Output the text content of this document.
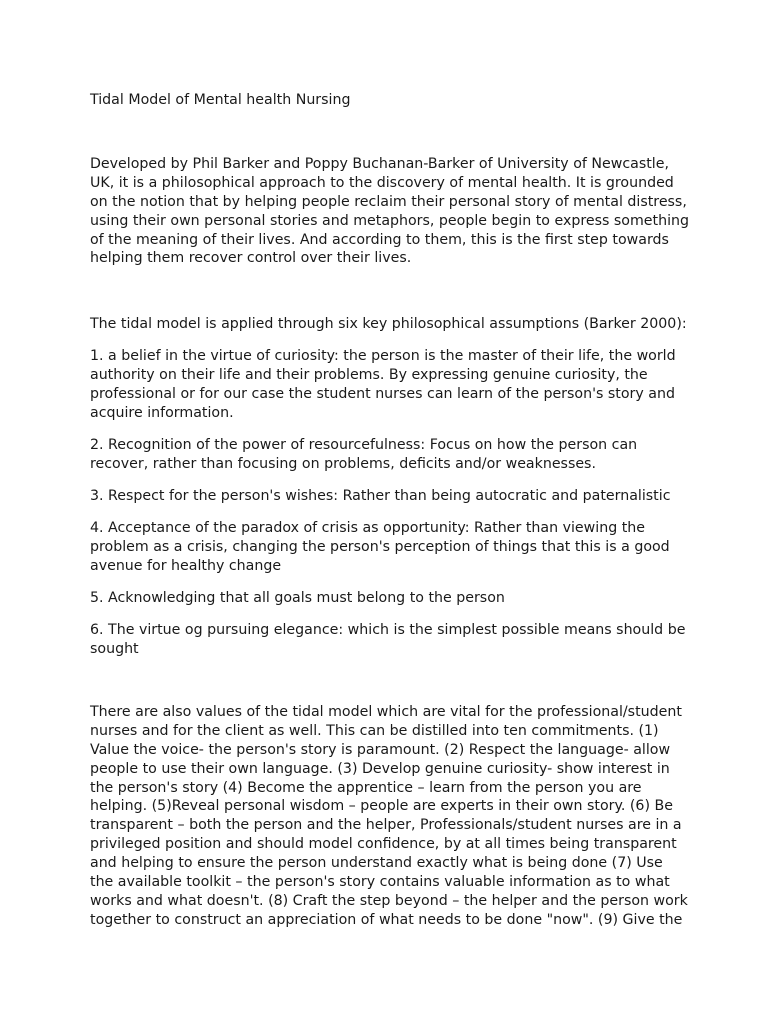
Tidal Model of Mental health Nursing
Developed by Phil Barker and Poppy Buchanan-Barker of University of Newcastle,
UK, it is a philosophical approach to the discovery of mental health. It is grounded
on the notion that by helping people reclaim their personal story of mental distress,
using their own personal stories and metaphors, people begin to express something
of the meaning of their lives. And according to them, this is the first step towards
helping them recover control over their lives.
The tidal model is applied through six key philosophical assumptions (Barker 2000):
1. a belief in the virtue of curiosity: the person is the master of their life, the world
authority on their life and their problems. By expressing genuine curiosity, the
professional or for our case the student nurses can learn of the person's story and
acquire information.
2. Recognition of the power of resourcefulness: Focus on how the person can
recover, rather than focusing on problems, deficits and/or weaknesses.
3. Respect for the person's wishes: Rather than being autocratic and paternalistic
4. Acceptance of the paradox of crisis as opportunity: Rather than viewing the
problem as a crisis, changing the person's perception of things that this is a good
avenue for healthy change
5. Acknowledging that all goals must belong to the person
6. The virtue og pursuing elegance: which is the simplest possible means should be
sought
There are also values of the tidal model which are vital for the professional/student
nurses and for the client as well. This can be distilled into ten commitments. (1)
Value the voice- the person's story is paramount. (2) Respect the language- allow
people to use their own language. (3) Develop genuine curiosity- show interest in
the person's story (4) Become the apprentice – learn from the person you are
helping. (5)Reveal personal wisdom – people are experts in their own story. (6) Be
transparent – both the person and the helper, Professionals/student nurses are in a
privileged position and should model confidence, by at all times being transparent
and helping to ensure the person understand exactly what is being done (7) Use
the available toolkit – the person's story contains valuable information as to what
works and what doesn't. (8) Craft the step beyond – the helper and the person work
together to construct an appreciation of what needs to be done "now". (9) Give the
